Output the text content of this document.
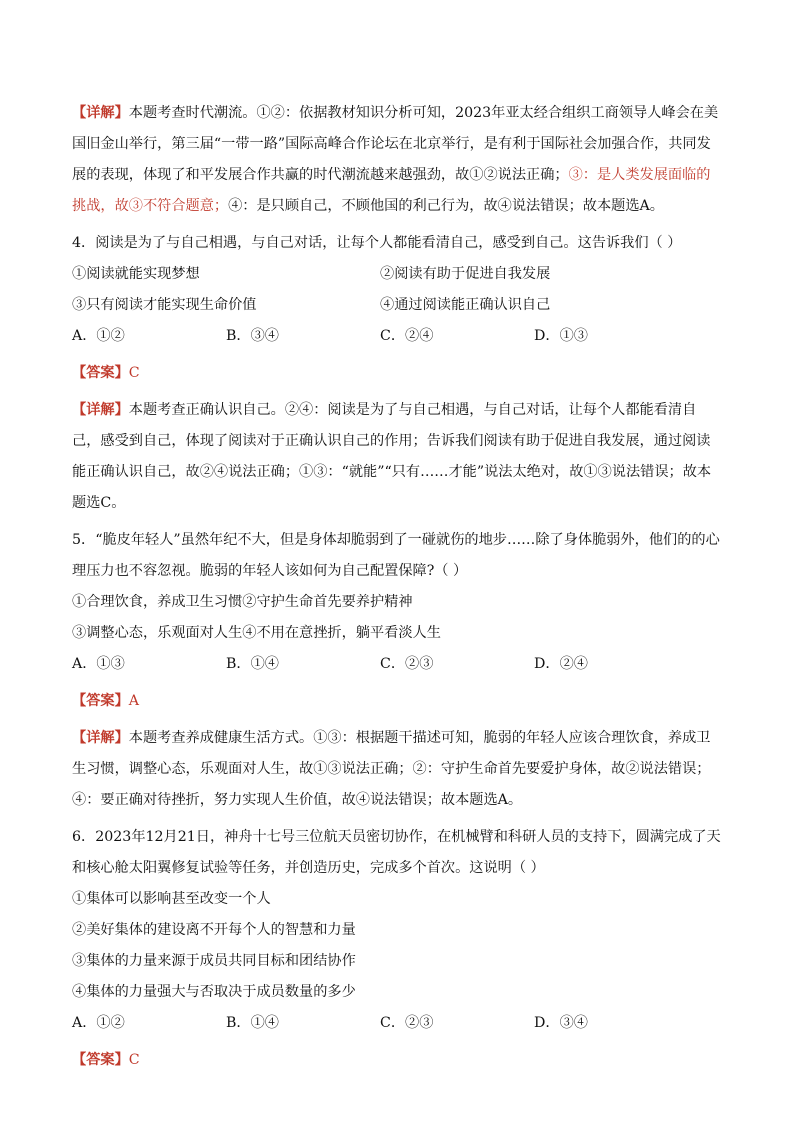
【详解】本题考查时代潮流。①②：依据教材知识分析可知，2023年亚太经合组织工商领导人峰会在美国旧金山举行，第三届“一带一路”国际高峰合作论坛在北京举行，是有利于国际社会加强合作，共同发展的表现，体现了和平发展合作共赢的时代潮流越来越强劲，故①②说法正确；③：是人类发展面临的挑战，故③不符合题意；④：是只顾自己，不顾他国的利己行为，故④说法错误；故本题选A。

4．阅读是为了与自己相遇，与自己对话，让每个人都能看清自己，感受到自己。这告诉我们（ ）

①阅读就能实现梦想	②阅读有助于促进自我发展
③只有阅读才能实现生命价值	④通过阅读能正确认识自己
A．①②	B．③④	C．②④	D．①③

【答案】C

【详解】本题考查正确认识自己。②④：阅读是为了与自己相遇，与自己对话，让每个人都能看清自己，感受到自己，体现了阅读对于正确认识自己的作用；告诉我们阅读有助于促进自我发展，通过阅读能正确认识自己，故②④说法正确；①③：“就能”“只有……才能”说法太绝对，故①③说法错误；故本题选C。

5．“脆皮年轻人”虽然年纪不大，但是身体却脆弱到了一碰就伤的地步……除了身体脆弱外，他们的的心理压力也不容忽视。脆弱的年轻人该如何为自己配置保障?（ ）

①合理饮食，养成卫生习惯②守护生命首先要养护精神

③调整心态，乐观面对人生④不用在意挫折，躺平看淡人生

A．①③	B．①④	C．②③	D．②④

【答案】A

【详解】本题考查养成健康生活方式。①③：根据题干描述可知，脆弱的年轻人应该合理饮食，养成卫生习惯，调整心态，乐观面对人生，故①③说法正确；②：守护生命首先要爱护身体，故②说法错误；④：要正确对待挫折，努力实现人生价值，故④说法错误；故本题选A。

6．2023年12月21日，神舟十七号三位航天员密切协作，在机械臂和科研人员的支持下，圆满完成了天和核心舱太阳翼修复试验等任务，并创造历史，完成多个首次。这说明（ ）

①集体可以影响甚至改变一个人

②美好集体的建设离不开每个人的智慧和力量

③集体的力量来源于成员共同目标和团结协作

④集体的力量强大与否取决于成员数量的多少

A．①②	B．①④	C．②③	D．③④

【答案】C
